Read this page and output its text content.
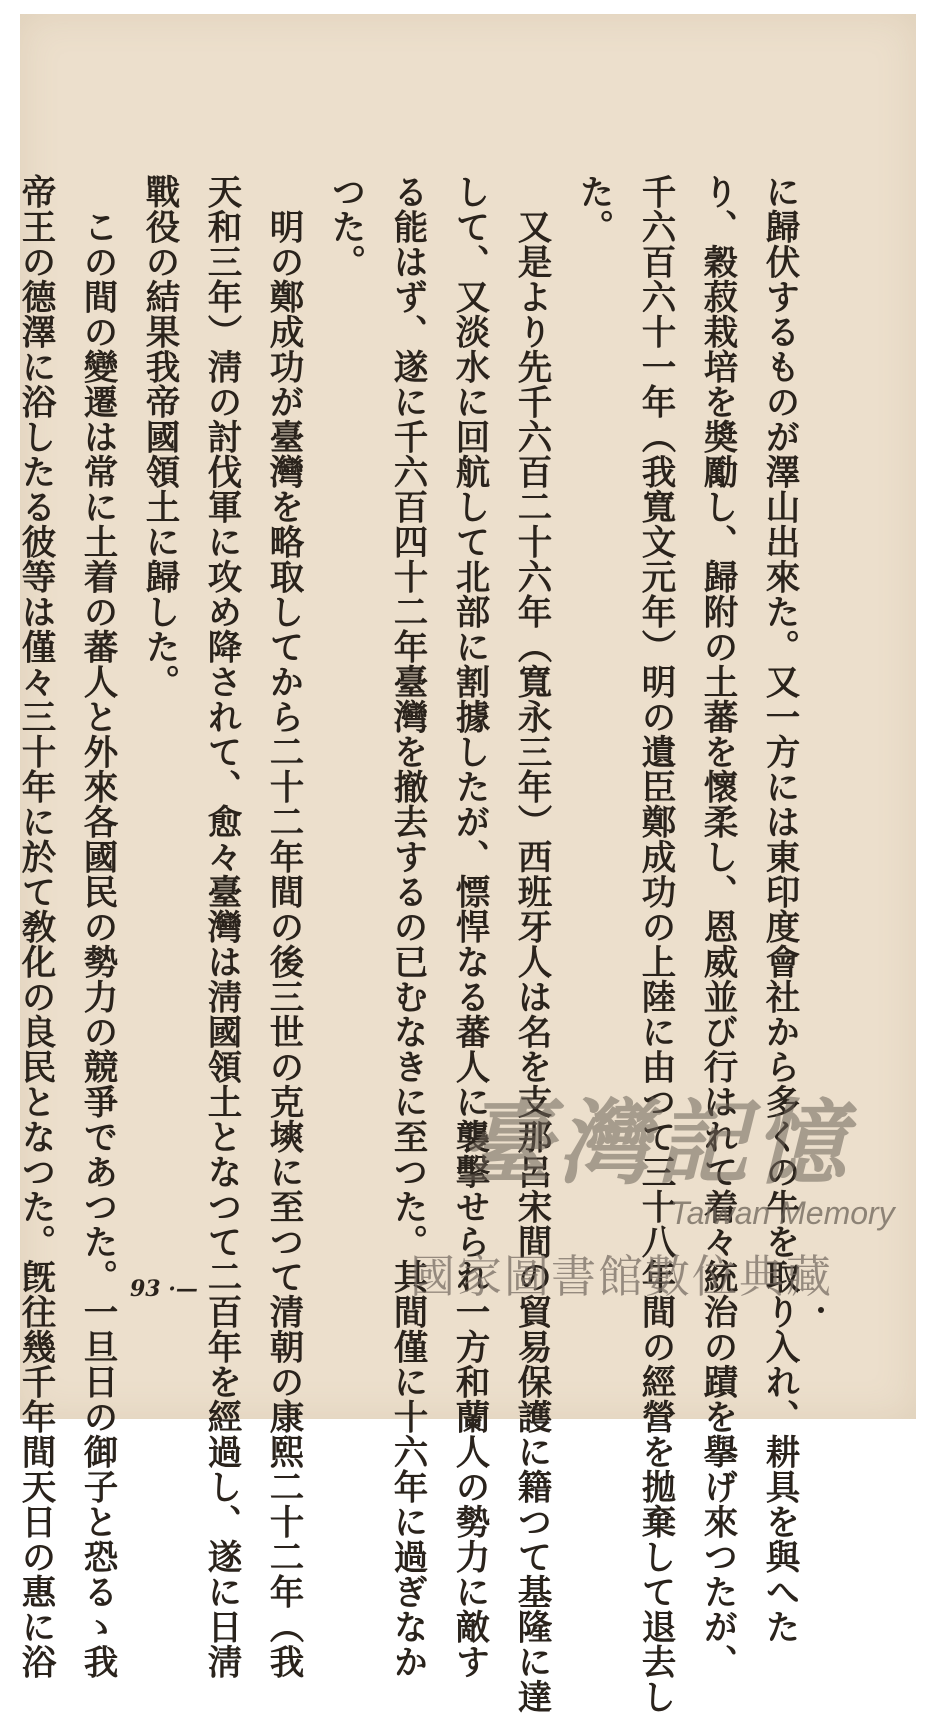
に歸伏するものが澤山出來た。又一方には東印度會社から多くの牛を取り入れ、耕具を與へた

り、穀菽栽培を奬勵し、歸附の土蕃を懷柔し、恩威並び行はれて着々統治の蹟を擧げ來つたが、

千六百六十一年（我寬文元年）明の遺臣鄭成功の上陸に由つて三十八年間の經營を拋棄して退去し

た。

　又是より先千六百二十六年（寬永三年）西班牙人は名を支那呂宋間の貿易保護に籍つて基隆に達

して、又淡水に回航して北部に割據したが、慓悍なる蕃人に襲擊せられ一方和蘭人の勢力に敵す

る能はず、遂に千六百四十二年臺灣を撤去するの已むなきに至つた。其間僅に十六年に過ぎなか

つた。

　明の鄭成功が臺灣を略取してから二十二年間の後三世の克塽に至つて清朝の康熙二十二年（我

天和三年）淸の討伐軍に攻め降されて、愈々臺灣は淸國領土となつて二百年を經過し、遂に日淸

戰役の結果我帝國領土に歸した。

　この間の變遷は常に土着の蕃人と外來各國民の勢力の競爭であつた。一旦日の御子と恐るゝ我

帝王の德澤に浴したる彼等は僅々三十年に於て敎化の良民となつた。旣往幾千年間天日の惠に浴	93 ·—
臺灣記憶
Taiwan Memory
國家圖書館數位典藏
